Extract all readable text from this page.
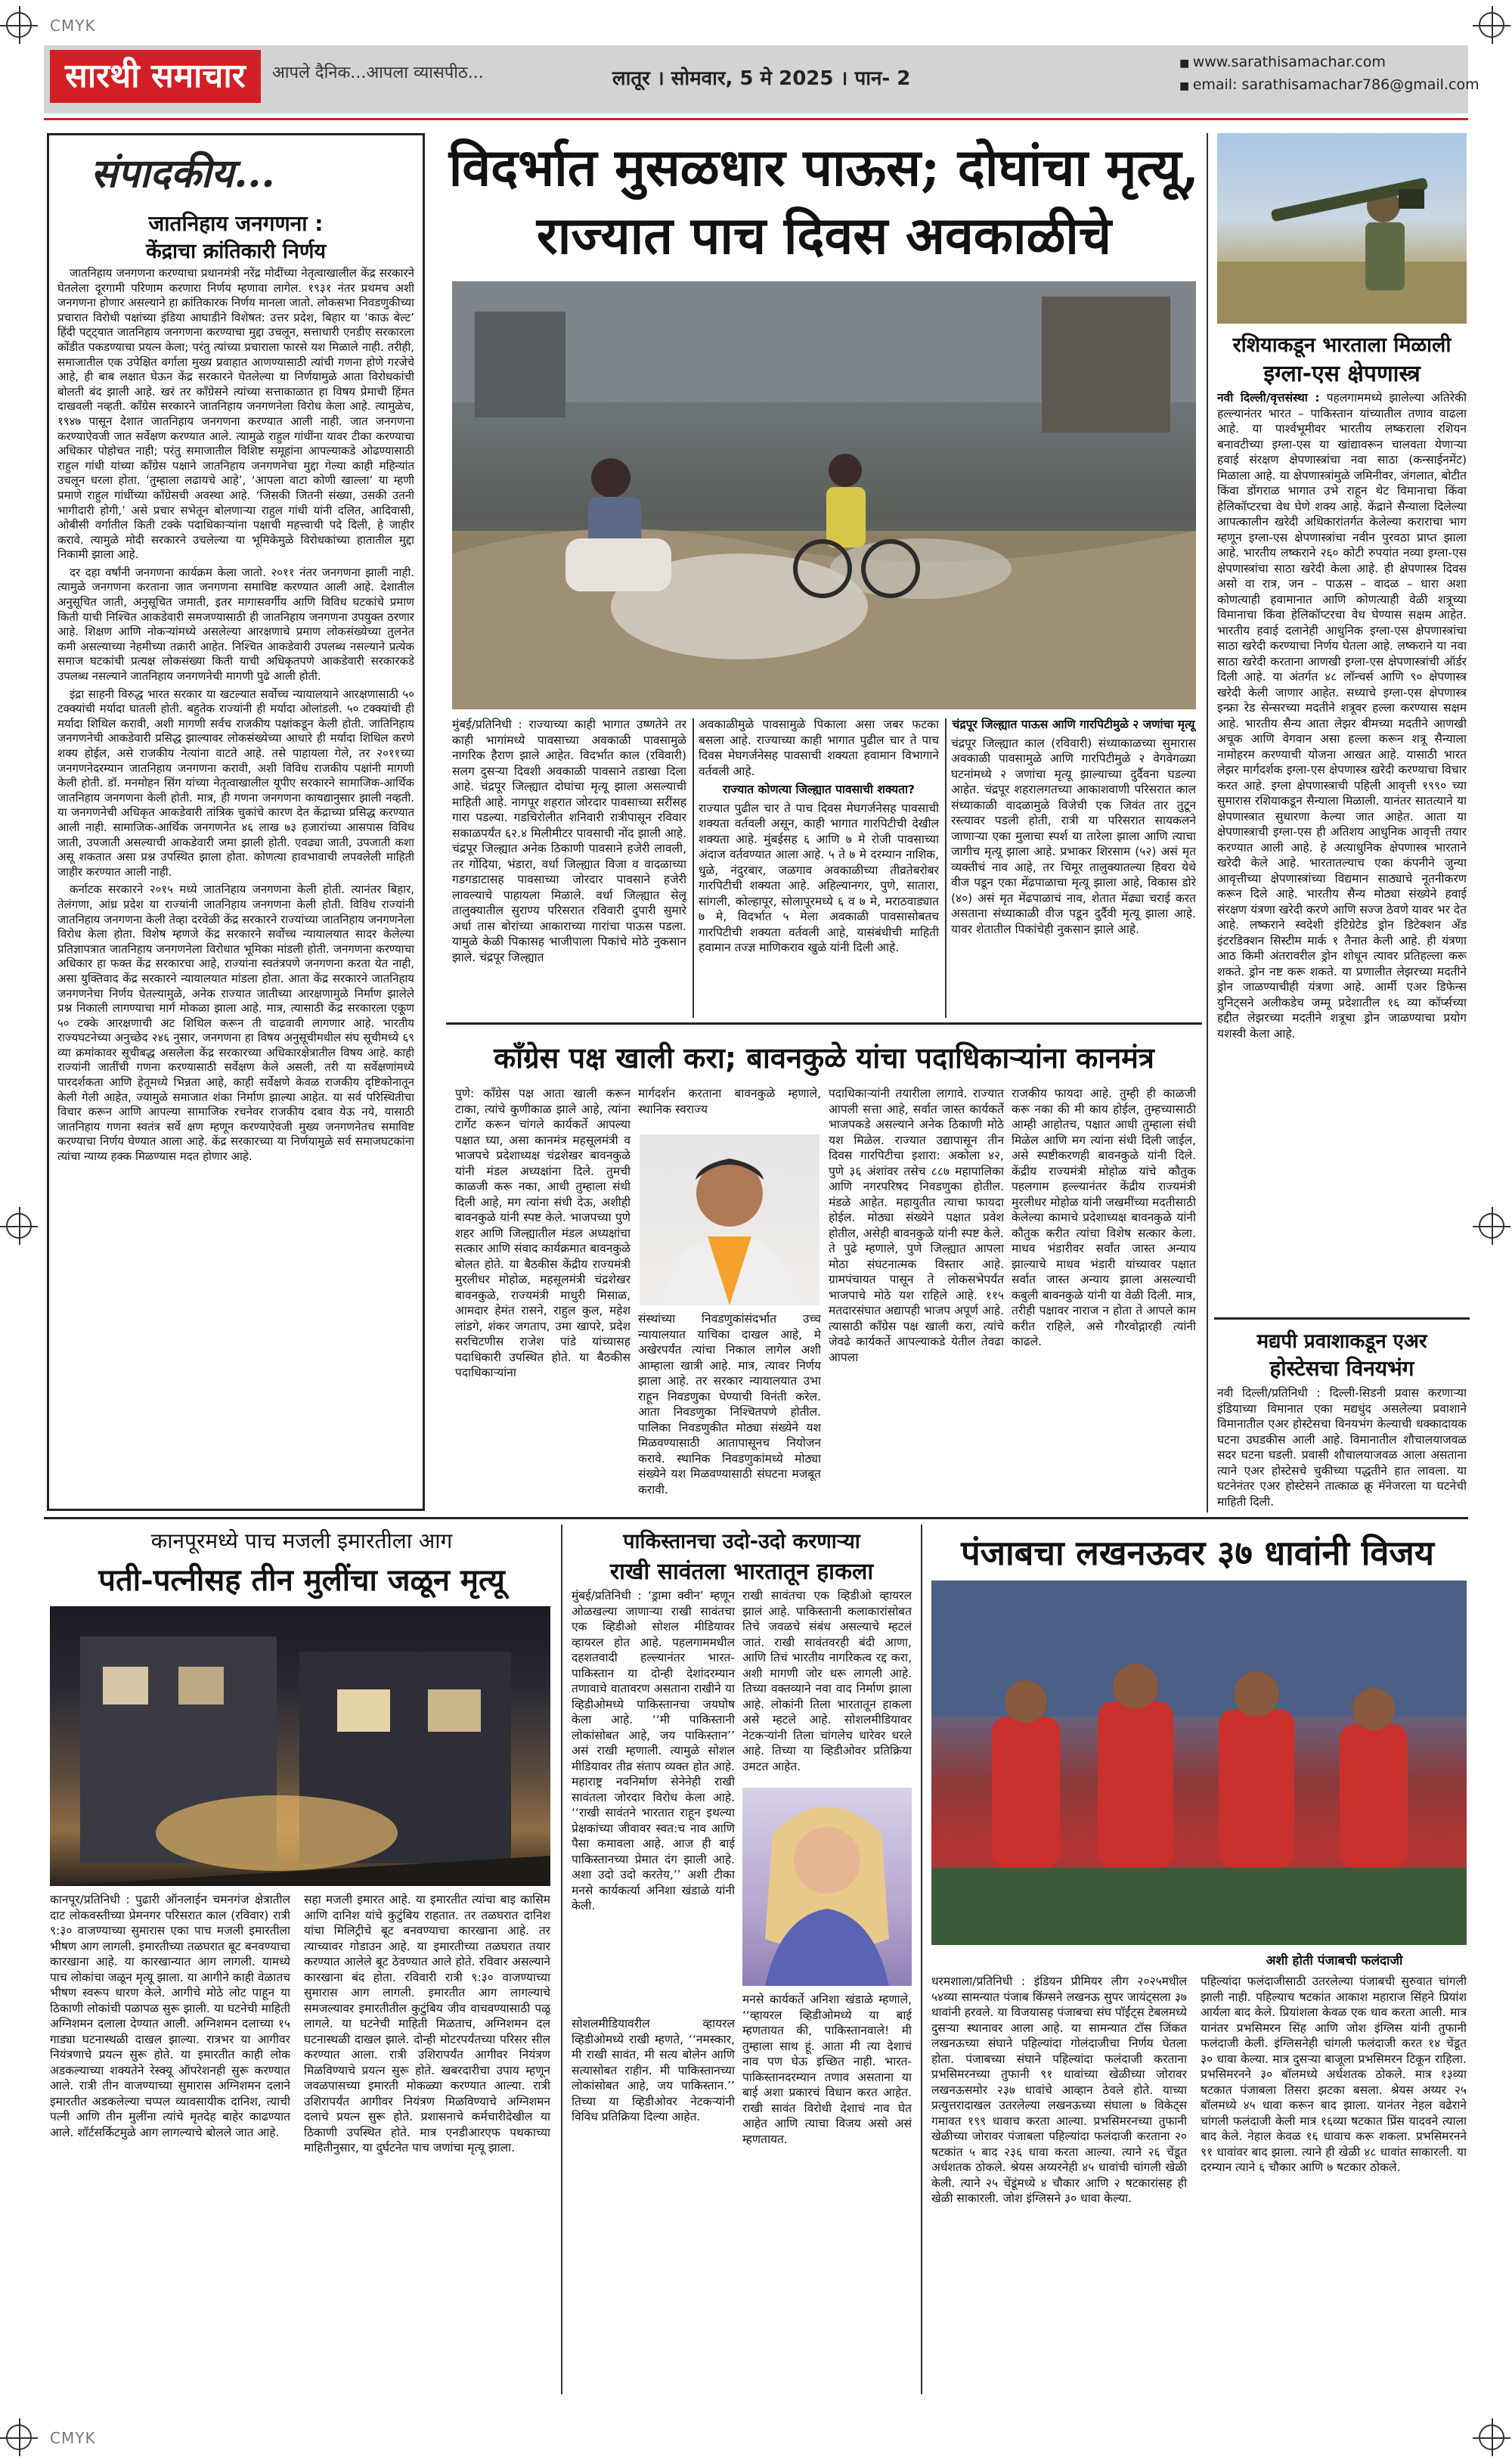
CMYK
CMYK
सारथी समाचार	आपले दैनिक...आपला व्यासपीठ...	लातूर । सोमवार, 5 मे 2025 । पान- 2
■ www.sarathisamachar.com
■ email: sarathisamachar786@gmail.com
संपादकीय...
जातनिहाय जनगणना :
केंद्राचा क्रांतिकारी निर्णय

जातनिहाय जनगणना करण्याचा प्रधानमंत्री नरेंद्र मोदींच्या नेतृत्वाखालील केंद्र सरकारने घेतलेला दूरगामी परिणाम करणारा निर्णय म्हणावा लागेल. १९३१ नंतर प्रथमच अशी जनगणना होणार असल्याने हा क्रांतिकारक निर्णय मानला जातो. लोकसभा निवडणुकीच्या प्रचारात विरोधी पक्षांच्या इंडिया आघाडीने विशेषत: उत्तर प्रदेश, बिहार या ‘काऊ बेल्ट’ हिंदी पट्ट्यात जातनिहाय जनगणना करण्याचा मुद्दा उचलून, सत्ताधारी एनडीए सरकारला कोंडीत पकडण्याचा प्रयत्न केला; परंतु त्यांच्या प्रचाराला फारसे यश मिळाले नाही. तरीही, समाजातील एक उपेक्षित वर्गाला मुख्य प्रवाहात आणण्यासाठी त्यांची गणना होणे गरजेचे आहे, ही बाब लक्षात घेऊन केंद्र सरकारने घेतलेल्या या निर्णयामुळे आता विरोधकांची बोलती बंद झाली आहे. खरं तर काँग्रेसने त्यांच्या सत्ताकाळात हा विषय प्रेमाची हिंमत दाखवली नव्हती. काँग्रेस सरकारने जातनिहाय जनगणनेला विरोध केला आहे. त्यामुळेच, १९४७ पासून देशात जातनिहाय जनगणना करण्यात आली नाही. जात जनगणना करण्याऐवजी जात सर्वेक्षण करण्यात आले. त्यामुळे राहुल गांधींना यावर टीका करण्याचा अधिकार पोहोचत नाही; परंतु समाजातील विशिष्ट समूहांना आपल्याकडे ओढण्यासाठी राहुल गांधी यांच्या काँग्रेस पक्षाने जातनिहाय जनगणनेचा मुद्दा गेल्या काही महिन्यांत उचलून धरला होता. ‘तुम्हाला लढायचे आहे’, ‘आपला वाटा कोणी खाल्ला’ या म्हणी प्रमाणे राहुल गांधींच्या काँग्रेसची अवस्था आहे. ‘जिसकी जितनी संख्या, उसकी उतनी भागीदारी होगी,’ असे प्रचार सभेतून बोलणाऱ्या राहुल गांधी यांनी दलित, आदिवासी, ओबीसी वर्गातील किती टक्के पदाधिकाऱ्यांना पक्षाची महत्त्वाची पदे दिली, हे जाहीर करावे. त्यामुळे मोदी सरकारने उचलेल्या या भूमिकेमुळे विरोधकांच्या हातातील मुद्दा निकामी झाला आहे.

दर दहा वर्षांनी जनगणना कार्यक्रम केला जातो. २०११ नंतर जनगणना झाली नाही. त्यामुळे जनगणना करताना जात जनगणना समाविष्ट करण्यात आली आहे. देशातील अनुसूचित जाती, अनुसूचित जमाती, इतर मागासवर्गीय आणि विविध घटकांचे प्रमाण किती याची निश्चित आकडेवारी समजण्यासाठी ही जातनिहाय जनगणना उपयुक्त ठरणार आहे. शिक्षण आणि नोकऱ्यांमध्ये असलेल्या आरक्षणाचे प्रमाण लोकसंख्येच्या तुलनेत कमी असल्याच्या नेहमीच्या तक्रारी आहेत. निश्चित आकडेवारी उपलब्ध नसल्याने प्रत्येक समाज घटकांची प्रत्यक्ष लोकसंख्या किती याची अधिकृतपणे आकडेवारी सरकारकडे उपलब्ध नसल्याने जातनिहाय जनगणनेची मागणी पुढे आली होती.

इंद्रा साहनी विरुद्ध भारत सरकार या खटल्यात सर्वोच्च न्यायालयाने आरक्षणासाठी ५० टक्क्यांची मर्यादा घातली होती. बहुतेक राज्यांनी ही मर्यादा ओलांडली. ५० टक्क्यांची ही मर्यादा शिथिल करावी, अशी मागणी सर्वच राजकीय पक्षांकडून केली होती. जातिनिहाय जनगणनेची आकडेवारी प्रसिद्ध झाल्यावर लोकसंख्येच्या आधारे ही मर्यादा शिथिल करणे शक्य होईल, असे राजकीय नेत्यांना वाटते आहे. तसे पाहायला गेले, तर २०११च्या जनगणनेदरम्यान जातनिहाय जनगणना करावी, अशी विविध राजकीय पक्षांनी मागणी केली होती. डॉ. मनमोहन सिंग यांच्या नेतृत्वाखालील यूपीए सरकारने सामाजिक-आर्थिक जातनिहाय जनगणना केली होती. मात्र, ही गणना जनगणना कायद्यानुसार झाली नव्हती. या जनगणनेची अधिकृत आकडेवारी तांत्रिक चुकांचे कारण देत केंद्राच्या प्रसिद्ध करण्यात आली नाही. सामाजिक-आर्थिक जनगणनेत ४६ लाख ७३ हजारांच्या आसपास विविध जाती, उपजाती असल्याची आकडेवारी जमा झाली होती. एवढ्या जाती, उपजाती कशा असू शकतात असा प्रश्न उपस्थित झाला होता. कोणत्या हावभावाची लपवलेली माहिती जाहीर करण्यात आली नाही.

कर्नाटक सरकारने २०१५ मध्ये जातनिहाय जनगणना केली होती. त्यानंतर बिहार, तेलंगणा, आंध्र प्रदेश या राज्यांनी जातनिहाय जनगणना केली होती. विविध राज्यांनी जातनिहाय जनगणना केली तेव्हा दरवेळी केंद्र सरकारने राज्यांच्या जातनिहाय जनगणनेला विरोध केला होता. विशेष म्हणजे केंद्र सरकारने सर्वोच्च न्यायालयात सादर केलेल्या प्रतिज्ञापत्रात जातनिहाय जनगणनेला विरोधात भूमिका मांडली होती. जनगणना करण्याचा अधिकार हा फक्त केंद्र सरकारचा आहे, राज्यांना स्वतंत्रपणे जनगणना करता येत नाही, असा युक्तिवाद केंद्र सरकारने न्यायालयात मांडला होता. आता केंद्र सरकारने जातनिहाय जनगणनेचा निर्णय घेतल्यामुळे, अनेक राज्यात जातीच्या आरक्षणामुळे निर्माण झालेले प्रश्न निकाली लागण्याचा मार्ग मोकळा झाला आहे. मात्र, त्यासाठी केंद्र सरकारला एकूण ५० टक्के आरक्षणाची अट शिथिल करून ती वाढवावी लागणार आहे. भारतीय राज्यघटनेच्या अनुच्छेद २४६ नुसार, जनगणना हा विषय अनुसूचीमधील संघ सूचीमध्ये ६९ व्या क्रमांकावर सूचीबद्ध असलेला केंद्र सरकारच्या अधिकारक्षेत्रातील विषय आहे. काही राज्यांनी जातींची गणना करण्यासाठी सर्वेक्षण केले असली, तरी या सर्वेक्षणांमध्ये पारदर्शकता आणि हेतूमध्ये भिन्नता आहे, काही सर्वेक्षणे केवळ राजकीय दृष्टिकोनातून केली गेली आहेत, ज्यामुळे समाजात शंका निर्माण झाल्या आहेत. या सर्व परिस्थितीचा विचार करून आणि आपल्या सामाजिक रचनेवर राजकीय दबाव येऊ नये, यासाठी जातनिहाय गणना स्वतंत्र सर्वे क्षण म्हणून करण्याऐवजी मुख्य जनगणनेतच समाविष्ट करण्याचा निर्णय घेण्यात आला आहे. केंद्र सरकारच्या या निर्णयामुळे सर्व समाजघटकांना त्यांचा न्याय्य हक्क मिळण्यास मदत होणार आहे.

विदर्भात मुसळधार पाऊस; दोघांचा मृत्यू,
राज्यात पाच दिवस अवकाळीचे
मुंबई/प्रतिनिधी : राज्याच्या काही भागात उष्णतेने तर काही भागांमध्ये पावसाच्या अवकाळी पावसामुळे नागरिक हैराण झाले आहेत. विदर्भात काल (रविवारी) सलग दुसऱ्या दिवशी अवकाळी पावसाने तडाखा दिला आहे. चंद्रपूर जिल्ह्यात दोघांचा मृत्यू झाला असल्याची माहिती आहे. नागपूर शहरात जोरदार पावसाच्या सरींसह गारा पडल्या. गडचिरोलीत शनिवारी रात्रीपासून रविवार सकाळपर्यंत ६२.४ मिलीमीटर पावसाची नोंद झाली आहे. चंद्रपूर जिल्ह्यात अनेक ठिकाणी पावसाने हजेरी लावली, तर गोंदिया, भंडारा, वर्धा जिल्ह्यात विजा व वादळाच्या गडगडाटासह पावसाच्या जोरदार पावसाने हजेरी लावल्याचे पाहायला मिळाले. वर्धा जिल्ह्यात सेलू तालुक्यातील सुराण्य परिसरात रविवारी दुपारी सुमारे अर्धा तास बोरांच्या आकाराच्या गारांचा पाऊस पडला. यामुळे केळी पिकासह भाजीपाला पिकांचे मोठे नुकसान झाले. चंद्रपूर जिल्ह्यात
अवकाळीमुळे पावसामुळे पिकाला असा जबर फटका बसला आहे. राज्याच्या काही भागात पुढील चार ते पाच दिवस मेघगर्जनेसह पावसाची शक्यता हवामान विभागाने वर्तवली आहे.
राज्यात कोणत्या जिल्ह्यात पावसाची शक्यता?
राज्यात पुढील चार ते पाच दिवस मेघगर्जनेसह पावसाची शक्यता वर्तवली असून, काही भागात गारपिटीची देखील शक्यता आहे. मुंबईसह ६ आणि ७ मे रोजी पावसाच्या अंदाज वर्तवण्यात आला आहे. ५ ते ७ मे दरम्यान नाशिक, धुळे, नंदुरबार, जळगाव अवकाळीच्या तीव्रतेबरोबर गारपिटीची शक्यता आहे. अहिल्यानगर, पुणे, सातारा, सांगली, कोल्हापूर, सोलापूरमध्ये ६ व ७ मे, मराठवाड्यात ७ मे, विदर्भात ५ मेला अवकाळी पावसासोबतच गारपिटीची शक्यता वर्तवली आहे, यासंबंधीची माहिती हवामान तज्ज्ञ माणिकराव खुळे यांनी दिली आहे.
चंद्रपूर जिल्ह्यात पाऊस आणि गारपिटीमुळे २ जणांचा मृत्यू
चंद्रपूर जिल्ह्यात काल (रविवारी) संध्याकाळच्या सुमारास अवकाळी पावसामुळे आणि गारपिटीमुळे २ वेगवेगळ्या घटनांमध्ये २ जणांचा मृत्यू झाल्याच्या दुर्दैवना घडल्या आहेत. चंद्रपूर शहरालगतच्या आकाशवाणी परिसरात काल संध्याकाळी वादळामुळे विजेची एक जिवंत तार तुटून रस्त्यावर पडली होती, रात्री या परिसरात सायकलने जाणाऱ्या एका मुलाचा स्पर्श या तारेला झाला आणि त्याचा जागीच मृत्यू झाला आहे. प्रभाकर शिरसाम (५२) असं मृत व्यक्तीचं नाव आहे, तर चिमूर तालुक्यातल्या हिवरा येथे वीज पडून एका मेंढपाळाचा मृत्यू झाला आहे, विकास डोरे (४०) असं मृत मेंढपाळाचं नाव, शेतात मेंढ्या चराई करत असताना संध्याकाळी वीज पडून दुर्दैवी मृत्यू झाला आहे. यावर शेतातील पिकांचेही नुकसान झाले आहे.
रशियाकडून भारताला मिळाली
इग्ला-एस क्षेपणास्त्र
नवी दिल्ली/वृत्तसंस्था : पहलगाममध्ये झालेल्या अतिरेकी हल्ल्यानंतर भारत – पाकिस्तान यांच्यातील तणाव वाढला आहे. या पार्श्वभूमीवर भारतीय लष्कराला रशियन बनावटीच्या इग्ला-एस या खांद्यावरून चालवता येणाऱ्या हवाई संरक्षण क्षेपणास्त्रांचा नवा साठा (कन्साईनमेंट) मिळाला आहे. या क्षेपणास्त्रांमुळे जमिनीवर, जंगलात, बोटीत किंवा डोंगराळ भागात उभे राहून थेट विमानाचा किंवा हेलिकॉप्टरचा वेध घेणे शक्य आहे. केंद्राने सैन्याला दिलेल्या आपत्कालीन खरेदी अधिकारांतर्गत केलेल्या कराराचा भाग म्हणून इग्ला-एस क्षेपणास्त्रांचा नवीन पुरवठा प्राप्त झाला आहे. भारतीय लष्कराने २६० कोटी रुपयांत नव्या इग्ला-एस क्षेपणास्त्रांचा साठा खरेदी केला आहे. ही क्षेपणास्त्र दिवस असो वा रात्र, जन – पाऊस – वादळ – धारा अशा कोणत्याही हवामानात आणि कोणत्याही वेळी शत्रूच्या विमानाचा किंवा हेलिकॉप्टरचा वेध घेण्यास सक्षम आहेत. भारतीय हवाई दलानेही आधुनिक इग्ला-एस क्षेपणास्त्रांचा साठा खरेदी करण्याचा निर्णय घेतला आहे. लष्कराने या नवा साठा खरेदी करताना आणखी इग्ला-एस क्षेपणास्त्रांची ऑर्डर दिली आहे. या अंतर्गत ४८ लॉन्चर्स आणि ९० क्षेपणास्त्र खरेदी केली जाणार आहेत. सध्याचे इग्ला-एस क्षेपणास्त्र इन्फ्रा रेड सेन्सरच्या मदतीने शत्रूवर हल्ला करण्यास सक्षम आहे. भारतीय सैन्य आता लेझर बीमच्या मदतीने आणखी अचूक आणि वेगवान असा हल्ला करून शत्रू सैन्याला नामोहरम करण्याची योजना आखत आहे. यासाठी भारत लेझर मार्गदर्शक इग्ला-एस क्षेपणास्त्र खरेदी करण्याचा विचार करत आहे. इग्ला क्षेपणास्त्राची पहिली आवृत्ती १९९० च्या सुमारास रशियाकडून सैन्याला मिळाली. यानंतर सातत्याने या क्षेपणास्त्रात सुधारणा केल्या जात आहेत. आता या क्षेपणास्त्राची इग्ला-एस ही अतिशय आधुनिक आवृत्ती तयार करण्यात आली आहे. हे अत्याधुनिक क्षेपणास्त्र भारताने खरेदी केले आहे. भारतातल्याच एका कंपनीने जुन्या आवृत्तीच्या क्षेपणास्त्रांच्या विद्यमान साठ्याचे नूतनीकरण करून दिले आहे. भारतीय सैन्य मोठ्या संख्येने हवाई संरक्षण यंत्रणा खरेदी करणे आणि सज्ज ठेवणे यावर भर देत आहे. लष्कराने स्वदेशी इंटिग्रेटेड ड्रोन डिटेक्शन अँड इंटरडिक्शन सिस्टीम मार्क १ तैनात केली आहे. ही यंत्रणा आठ किमी अंतरावरील ड्रोन शोधून त्यावर प्रतिहल्ला करू शकते. ड्रोन नष्ट करू शकते. या प्रणालीत लेझरच्या मदतीने ड्रोन जाळण्याचीही यंत्रणा आहे. आर्मी एअर डिफेन्स युनिट्सने अलीकडेच जम्मू प्रदेशातील १६ व्या कॉर्प्सच्या हद्दीत लेझरच्या मदतीने शत्रूचा ड्रोन जाळण्याचा प्रयोग यशस्वी केला आहे.
मद्यपी प्रवाशाकडून एअर
होस्टेसचा विनयभंग
नवी दिल्ली/प्रतिनिधी : दिल्ली-सिडनी प्रवास करणाऱ्या इंडियाच्या विमानात एका मद्यधुंद असलेल्या प्रवाशाने विमानातील एअर होस्टेसचा विनयभंग केल्याची धक्कादायक घटना उघडकीस आली आहे. विमानातील शौचालयाजवळ सदर घटना घडली. प्रवासी शौचालयाजवळ आला असताना त्याने एअर होस्टेसचे चुकीच्या पद्धतीने हात लावला. या घटनेनंतर एअर होस्टेसने तात्काळ क्रू मॅनेजरला या घटनेची माहिती दिली.
काँग्रेस पक्ष खाली करा; बावनकुळे यांचा पदाधिकाऱ्यांना कानमंत्र
पुणे: काँग्रेस पक्ष आता खाली करून टाका, त्यांचे कुणीकाळ झाले आहे, त्यांना टार्गेट करून चांगले कार्यकर्ते आपल्या पक्षात घ्या, असा कानमंत्र महसूलमंत्री व भाजपचे प्रदेशाध्यक्ष चंद्रशेखर बावनकुळे यांनी मंडल अध्यक्षांना दिले. तुमची काळजी करू नका, आधी तुम्हाला संधी दिली आहे, मग त्यांना संधी देऊ, अशीही बावनकुळे यांनी स्पष्ट केले. भाजपच्या पुणे शहर आणि जिल्ह्यातील मंडल अध्यक्षांचा सत्कार आणि संवाद कार्यक्रमात बावनकुळे बोलत होते. या बैठकीस केंद्रीय राज्यमंत्री मुरलीधर मोहोळ, महसूलमंत्री चंद्रशेखर बावनकुळे, राज्यमंत्री माधुरी मिसाळ, आमदार हेमंत रासने, राहुल कुल, महेश लांडगे, शंकर जगताप, उमा खापरे, प्रदेश सरचिटणीस राजेश पांडे यांच्यासह पदाधिकारी उपस्थित होते. या बैठकीस पदाधिकाऱ्यांना
मार्गदर्शन करताना बावनकुळे म्हणाले, स्थानिक स्वराज्य
संस्थांच्या निवडणुकांसंदर्भात उच्च न्यायालयात याचिका दाखल आहे, मे अखेरपर्यंत त्यांचा निकाल लागेल अशी आम्हाला खात्री आहे. मात्र, त्यावर निर्णय झाला आहे. तर सरकार न्यायालयात उभा राहून निवडणुका घेण्याची विनंती करेल. आता निवडणुका निश्चितपणे होतील. पालिका निवडणुकीत मोठ्या संख्येने यश मिळवण्यासाठी आतापासूनच नियोजन करावे. स्थानिक निवडणुकांमध्ये मोठ्या संख्येने यश मिळवण्यासाठी संघटना मजबूत करावी.
पदाधिकाऱ्यांनी तयारीला लागावे. राज्यात आपली सत्ता आहे, सर्वात जास्त कार्यकर्ते भाजपकडे असल्याने अनेक ठिकाणी मोठे यश मिळेल. राज्यात उद्यापासून तीन दिवस गारपिटीचा इशारा: अकोला ४२, पुणे ३६ अंशांवर तसेच ८८७ महापालिका आणि नगरपरिषद निवडणुका होतील. मंडळे आहेत. महायुतीत त्याचा फायदा होईल. मोठ्या संख्येने पक्षात प्रवेश होतील, असेही बावनकुळे यांनी स्पष्ट केले. ते पुढे म्हणाले, पुणे जिल्ह्यात आपला मोठा संघटनात्मक विस्तार आहे. ग्रामपंचायत पासून ते लोकसभेपर्यंत भाजपाचे मोठे यश राहिले आहे. ११५ मतदारसंघात अद्यापही भाजप अपूर्ण आहे. त्यासाठी काँग्रेस पक्ष खाली करा, त्यांचे जेवढे कार्यकर्ते आपल्याकडे येतील तेवढा आपला
राजकीय फायदा आहे. तुम्ही ही काळजी करू नका की मी काय होईल, तुम्हच्यासाठी आम्ही आहोतच, पक्षात आधी तुम्हाला संधी मिळेल आणि मग त्यांना संधी दिली जाईल, असे स्पष्टीकरणही बावनकुळे यांनी दिले. केंद्रीय राज्यमंत्री मोहोळ यांचे कौतुक पहलगाम हल्ल्यानंतर केंद्रीय राज्यमंत्री मुरलीधर मोहोळ यांनी जखमींच्या मदतीसाठी केलेल्या कामाचे प्रदेशाध्यक्ष बावनकुळे यांनी कौतुक करीत त्यांचा विशेष सत्कार केला. माधव भंडारीवर सर्वांत जास्त अन्याय झाल्याचे माधव भंडारी यांच्यावर पक्षात सर्वात जास्त अन्याय झाला असल्याची कबुली बावनकुळे यांनी या वेळी दिली. मात्र, तरीही पक्षावर नाराज न होता ते आपले काम करीत राहिले, असे गौरवोद्गारही त्यांनी काढले.
कानपूरमध्ये पाच मजली इमारतीला आग
पती-पत्नीसह तीन मुलींचा जळून मृत्यू
कानपूर/प्रतिनिधी : पुढारी ऑनलाईन चमनगंज क्षेत्रातील दाट लोकवस्तीच्या प्रेमनगर परिसरात काल (रविवार) रात्री ९:३० वाजण्याच्या सुमारास एका पाच मजली इमारतीला भीषण आग लागली. इमारतीच्या तळघरात बूट बनवण्याचा कारखाना आहे. या कारखान्यात आग लागली. यामध्ये पाच लोकांचा जळून मृत्यू झाला. या आगीने काही वेळातच भीषण स्वरूप धारण केले. आगीचे मोठे लोट पाहून या ठिकाणी लोकांची पळापळ सुरू झाली. या घटनेची माहिती अग्निशमन दलाला देण्यात आली. अग्निशमन दलाच्या १५ गाड्या घटनास्थळी दाखल झाल्या. रात्रभर या आगीवर नियंत्रणाचे प्रयत्न सुरू होते. या इमारतीत काही लोक अडकल्याच्या शक्यतेने रेस्क्यू ऑपरेशनही सुरू करण्यात आले. रात्री तीन वाजण्याच्या सुमारास अग्निशमन दलाने इमारतीत अडकलेल्या चप्पल व्यावसायीक दानिश, त्याची पत्नी आणि तीन मुलींना त्यांचे मृतदेह बाहेर काढण्यात आले. शॉर्टसर्किटमुळे आग लागल्याचे बोलले जात आहे.
सहा मजली इमारत आहे. या इमारतीत त्यांचा बाइ कासिम आणि दानिश यांचे कुटुंबिय राहतात. तर तळघरात दानिश यांचा मिलिट्रीचे बूट बनवण्याचा कारखाना आहे. तर त्याच्यावर गोडाउन आहे. या इमारतीच्या तळघरात तयार करण्यात आलेले बूट ठेवण्यात आले होते. रविवार असल्याने कारखाना बंद होता. रविवारी रात्री ९:३० वाजण्याच्या सुमारास आग लागली. इमारतीत आग लागल्याचे समजल्यावर इमारतीतील कुटुंबिय जीव वाचवण्यासाठी पळू लागले. या घटनेची माहिती मिळताच, अग्निशमन दल घटनास्थळी दाखल झाले. दोन्ही मोटरपर्यंतच्या परिसर सील करण्यात आला. रात्री उशिरापर्यंत आगीवर नियंत्रण मिळविण्याचे प्रयत्न सुरू होते. खबरदारीचा उपाय म्हणून जवळपासच्या इमारती मोकळ्या करण्यात आल्या. रात्री उशिरापर्यंत आगीवर नियंत्रण मिळविण्याचे अग्निशमन दलाचे प्रयत्न सुरू होते. प्रशासनाचे कर्मचारीदेखील या ठिकाणी उपस्थित होते. मात्र एनडीआरएफ पथकाच्या माहितीनुसार, या दुर्घटनेत पाच जणांचा मृत्यू झाला.
पाकिस्तानचा उदो-उदो करणाऱ्या
राखी सावंतला भारतातून हाकला
मुंबई/प्रतिनिधी : ‘ड्रामा क्वीन’ म्हणून ओळखल्या जाणाऱ्या राखी सावंतचा एक व्हिडीओ सोशल मीडियावर व्हायरल होत आहे. पहलगाममधील दहशतवादी हल्ल्यानंतर भारत-पाकिस्तान या दोन्ही देशांदरम्यान तणावाचे वातावरण असताना राखीने या व्हिडीओमध्ये पाकिस्तानचा जयघोष केला आहे. ‘‘मी पाकिस्तानी लोकांसोबत आहे, जय पाकिस्तान’’ असं राखी म्हणाली. त्यामुळे सोशल मीडियावर तीव्र संताप व्यक्त होत आहे. महाराष्ट्र नवनिर्माण सेनेनेही राखी सावंतला जोरदार विरोध केला आहे. ‘‘राखी सावंतने भारतात राहून इथल्या प्रेक्षकांच्या जीवावर स्वत:च नाव आणि पैसा कमावला आहे. आज ही बाई पाकिस्तानच्या प्रेमात दंग झाली आहे. अशा उदो उदो करतेय,’’ अशी टीका मनसे कार्यकर्त्या अनिशा खंडाळे यांनी केली.
राखी सावंतचा एक व्हिडीओ व्हायरल झालं आहे. पाकिस्तानी कलाकारांसोबत तिचे जवळचे संबंध असल्याचे म्हटलं जातं. राखी सावंतवरही बंदी आणा, आणि तिचं भारतीय नागरिकत्व रद्द करा, अशी मागणी जोर धरू लागली आहे. तिच्या वक्तव्याने नवा वाद निर्माण झाला आहे. लोकांनी तिला भारतातून हाकला असे म्हटले आहे. सोशलमीडियावर नेटकऱ्यांनी तिला चांगलेच धारेवर धरले आहे. तिच्या या व्हिडीओवर प्रतिक्रिया उमटत आहेत.
मनसे कार्यकर्ते अनिशा खंडाळे म्हणाले, ‘‘व्हायरल व्हिडीओमध्ये या बाई म्हणतायत की, पाकिस्तानवाले! मी तुम्हाला साथ हूं. आता मी त्या देशाचं नाव पण घेऊ इच्छित नाही. भारत-पाकिस्तानदरम्यान तणाव असताना या बाई अशा प्रकारचं विधान करत आहेत. राखी सावंत विरोधी देशाचं नाव घेत आहेत आणि त्याचा विजय असो असं म्हणतायत.
सोशलमीडियावरील व्हायरल व्हिडीओमध्ये राखी म्हणते, ‘‘नमस्कार, मी राखी सावंत, मी सत्य बोलेन आणि सत्यासोबत राहीन. मी पाकिस्तानच्या लोकांसोबत आहे, जय पाकिस्तान.’’ तिच्या या व्हिडीओवर नेटकऱ्यांनी विविध प्रतिक्रिया दिल्या आहेत.
पंजाबचा लखनऊवर ३७ धावांनी विजय
अशी होती पंजाबची फलंदाजी
धरमशाला/प्रतिनिधी : इंडियन प्रीमियर लीग २०२५मधील ५४व्या सामन्यात पंजाब किंग्सने लखनऊ सुपर जायंट्सला ३७ धावांनी हरवले. या विजयासह पंजाबचा संघ पॉईंट्स टेबलमध्ये दुसऱ्या स्थानावर आला आहे. या सामन्यात टॉस जिंकत लखनऊच्या संघाने पहिल्यांदा गोलंदाजीचा निर्णय घेतला होता. पंजाबच्या संघाने पहिल्यांदा फलंदाजी करताना प्रभसिमरनच्या तुफानी ९१ धावांच्या खेळीच्या जोरावर लखनऊसमोर २३७ धावांचे आव्हान ठेवले होते. याच्या प्रत्युत्तरादाखल उतरलेल्या लखनऊच्या संघाला ७ विकेट्स गमावत १९९ धावाच करता आल्या. प्रभसिमरनच्या तुफानी खेळीच्या जोरावर पंजाबला पहिल्यांदा फलंदाजी करताना २० षटकांत ५ बाद २३६ धावा करता आल्या. त्याने २६ चेंडूत अर्धशतक ठोकले. श्रेयस अय्यरनेही ४५ धावांची चांगली खेळी केली. त्याने २५ चेंडूंमध्ये ४ चौकार आणि २ षटकारांसह ही खेळी साकारली. जोश इंग्लिसने ३० धावा केल्या.
पहिल्यांदा फलंदाजीसाठी उतरलेल्या पंजाबची सुरुवात चांगली झाली नाही. पहिल्याच षटकांत आकाश महाराज सिंहने प्रियांश आर्यला बाद केले. प्रियांशला केवळ एक धाव करता आली. मात्र यानंतर प्रभसिमरन सिंह आणि जोश इंग्लिस यांनी तुफानी फलंदाजी केली. इंग्लिसनेही चांगली फलंदाजी करत १४ चेंडूत ३० धावा केल्या. मात्र दुसऱ्या बाजूला प्रभसिमरन टिकून राहिला. प्रभसिमरनने ३० बॉलमध्ये अर्धशतक ठोकले. मात्र १३व्या षटकात पंजाबला तिसरा झटका बसला. श्रेयस अय्यर २५ बॉलमध्ये ४५ धावा करून बाद झाला. यानंतर नेहल वढेराने चांगली फलंदाजी केली मात्र १६व्या षटकात प्रिंस यादवने त्याला बाद केले. नेहाल केवळ १६ धावाच करू शकला. प्रभसिमरनने ९१ धावांवर बाद झाला. त्याने ही खेळी ४८ धावांत साकारली. या दरम्यान त्याने ६ चौकार आणि ७ षटकार ठोकले.
